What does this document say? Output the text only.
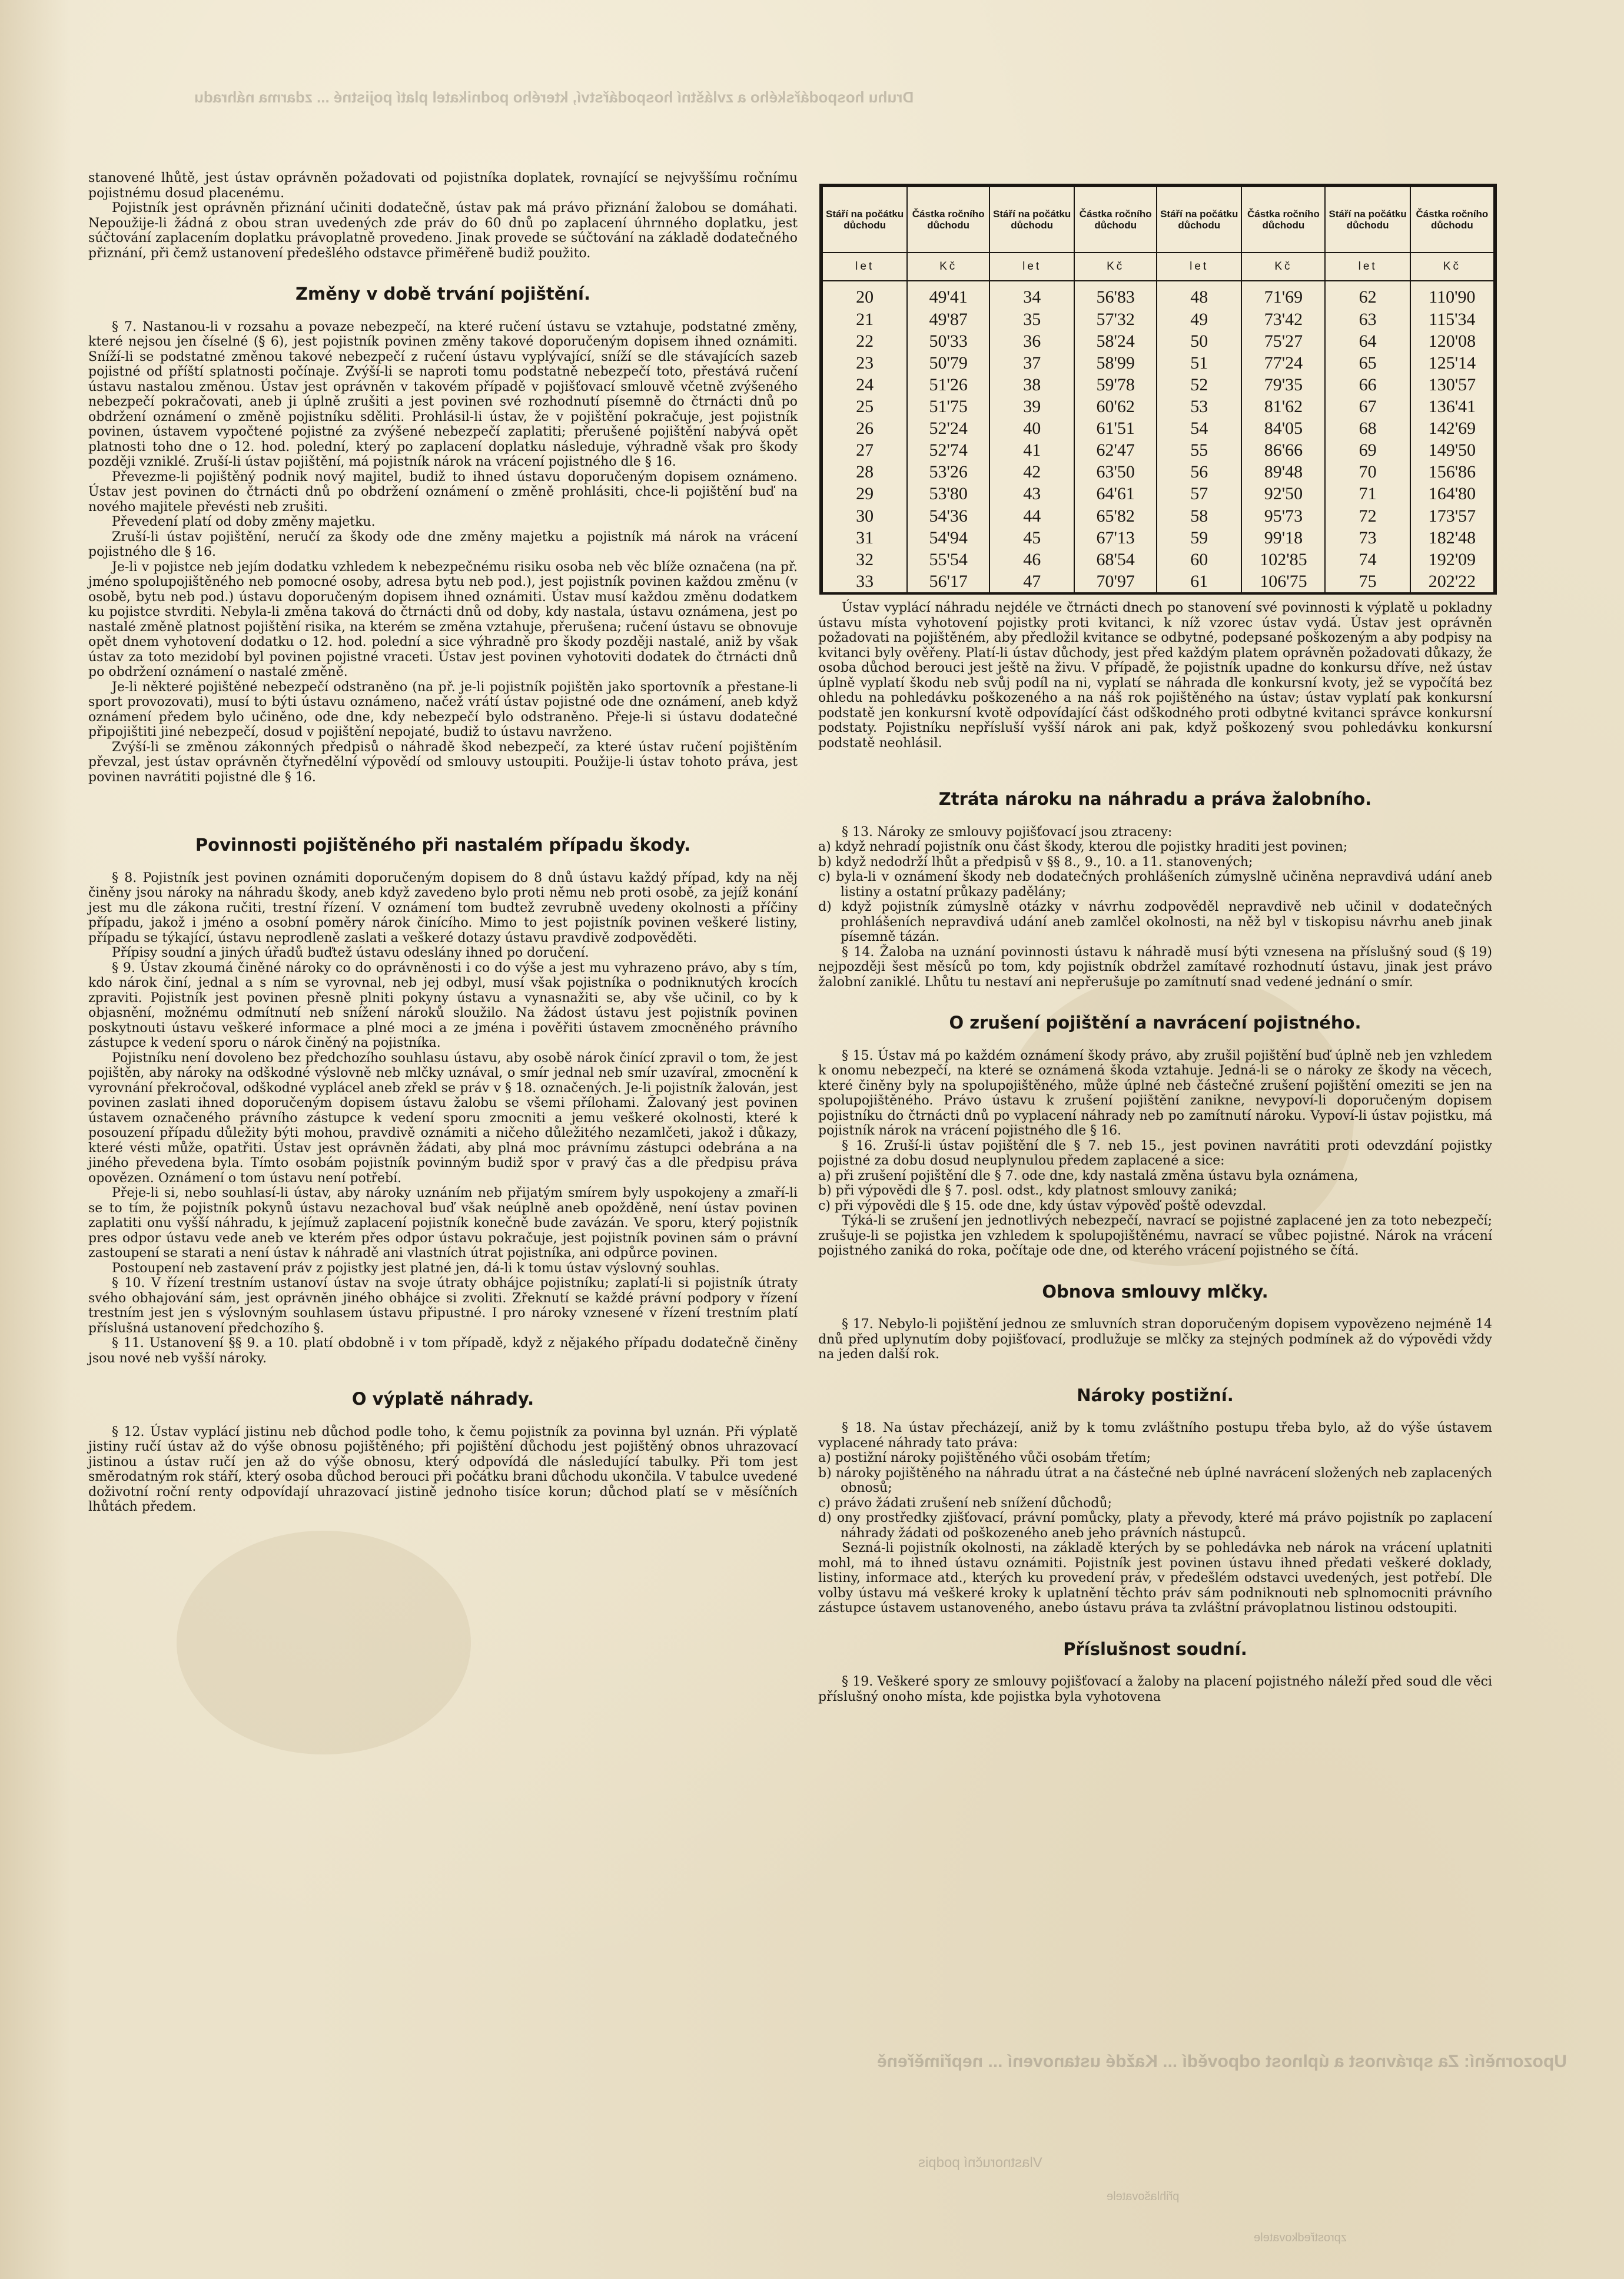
Druhu hospodářského a zvláštní hospodářství, kterého podnikatel platí pojistné ... zdarma náhradu
Upozornění: Za správnost a úplnost odpovědí ... Každé ustanovení ... nepřiměřeně
Vlastnoruční podpis
přihlašovatele
zprostředkovatele

stanovené lhůtě, jest ústav oprávněn požadovati od pojistníka doplatek, rovnající se nejvyššímu ročnímu pojistnému dosud placenému.

Pojistník jest oprávněn přiznání učiniti dodatečně, ústav pak má právo přiznání žalobou se domáhati. Nepoužije-li žádná z obou stran uvedených zde práv do 60 dnů po zaplacení úhrnného doplatku, jest súčtování zaplacením doplatku právoplatně provedeno. Jinak provede se súčtování na základě dodatečného přiznání, při čemž ustanovení předešlého odstavce přiměřeně budiž použito.

Změny v době trvání pojištění.

§ 7. Nastanou-li v rozsahu a povaze nebezpečí, na které ručení ústavu se vztahuje, podstatné změny, které nejsou jen číselné (§ 6), jest pojistník povinen změny takové doporučeným dopisem ihned oznámiti. Sníží-li se podstatné změnou takové nebezpečí z ručení ústavu vyplývající, sníží se dle stávajících sazeb pojistné od příští splatnosti počínaje. Zvýší-li se naproti tomu podstatně nebezpečí toto, přestává ručení ústavu nastalou změnou. Ústav jest oprávněn v takovém případě v pojišťovací smlouvě včetně zvýšeného nebezpečí pokračovati, aneb ji úplně zrušiti a jest povinen své rozhodnutí písemně do čtrnácti dnů po obdržení oznámení o změně pojistníku sděliti. Prohlásil-li ústav, že v pojištění pokračuje, jest pojistník povinen, ústavem vypočtené pojistné za zvýšené nebezpečí zaplatiti; přerušené pojištění nabývá opět platnosti toho dne o 12. hod. polední, který po zaplacení doplatku následuje, výhradně však pro škody později vzniklé. Zruší-li ústav pojištění, má pojistník nárok na vrácení pojistného dle § 16.

Převezme-li pojištěný podnik nový majitel, budiž to ihned ústavu doporučeným dopisem oznámeno. Ústav jest povinen do čtrnácti dnů po obdržení oznámení o změně prohlásiti, chce-li pojištění buď na nového majitele převésti neb zrušiti.

Převedení platí od doby změny majetku.

Zruší-li ústav pojištění, neručí za škody ode dne změny majetku a pojistník má nárok na vrácení pojistného dle § 16.

Je-li v pojistce neb jejím dodatku vzhledem k nebezpečnému risiku osoba neb věc blíže označena (na př. jméno spolupojištěného neb pomocné osoby, adresa bytu neb pod.), jest pojistník povinen každou změnu (v osobě, bytu neb pod.) ústavu doporučeným dopisem ihned oznámiti. Ústav musí každou změnu dodatkem ku pojistce stvrditi. Nebyla-li změna taková do čtrnácti dnů od doby, kdy nastala, ústavu oznámena, jest po nastalé změně platnost pojištění risika, na kterém se změna vztahuje, přerušena; ručení ústavu se obnovuje opět dnem vyhotovení dodatku o 12. hod. polední a sice výhradně pro škody později nastalé, aniž by však ústav za toto mezidobí byl povinen pojistné vraceti. Ústav jest povinen vyhotoviti dodatek do čtrnácti dnů po obdržení oznámení o nastalé změně.

Je-li některé pojištěné nebezpečí odstraněno (na př. je-li pojistník pojištěn jako sportovník a přestane-li sport provozovati), musí to býti ústavu oznámeno, načež vrátí ústav pojistné ode dne oznámení, aneb když oznámení předem bylo učiněno, ode dne, kdy nebezpečí bylo odstraněno. Přeje-li si ústavu dodatečné připojištiti jiné nebezpečí, dosud v pojištění nepojaté, budiž to ústavu navrženo.

Zvýší-li se změnou zákonných předpisů o náhradě škod nebezpečí, za které ústav ručení pojištěním převzal, jest ústav oprávněn čtyřnedělní výpovědí od smlouvy ustoupiti. Použije-li ústav tohoto práva, jest povinen navrátiti pojistné dle § 16.

Povinnosti pojištěného při nastalém případu škody.

§ 8. Pojistník jest povinen oznámiti doporučeným dopisem do 8 dnů ústavu každý případ, kdy na něj činěny jsou nároky na náhradu škody, aneb když zavedeno bylo proti němu neb proti osobě, za jejíž konání jest mu dle zákona ručiti, trestní řízení. V oznámení tom budtež zevrubně uvedeny okolnosti a příčiny případu, jakož i jméno a osobní poměry nárok činícího. Mimo to jest pojistník povinen veškeré listiny, případu se týkající, ústavu neprodleně zaslati a veškeré dotazy ústavu pravdivě zodpověděti.

Přípisy soudní a jiných úřadů buďtež ústavu odeslány ihned po doručení.

§ 9. Ústav zkoumá činěné nároky co do oprávněnosti i co do výše a jest mu vyhrazeno právo, aby s tím, kdo nárok činí, jednal a s ním se vyrovnal, neb jej odbyl, musí však pojistníka o podniknutých krocích zpraviti. Pojistník jest povinen přesně plniti pokyny ústavu a vynasnažiti se, aby vše učinil, co by k objasnění, možnému odmítnutí neb snížení nároků sloužilo. Na žádost ústavu jest pojistník povinen poskytnouti ústavu veškeré informace a plné moci a ze jména i pověřiti ústavem zmocněného právního zástupce k vedení sporu o nárok činěný na pojistníka.

Pojistníku není dovoleno bez předchozího souhlasu ústavu, aby osobě nárok činící zpravil o tom, že jest pojištěn, aby nároky na odškodné výslovně neb mlčky uznával, o smír jednal neb smír uzavíral, zmocnění k vyrovnání překročoval, odškodné vyplácel aneb zřekl se práv v § 18. označených. Je-li pojistník žalován, jest povinen zaslati ihned doporučeným dopisem ústavu žalobu se všemi přílohami. Žalovaný jest povinen ústavem označeného právního zástupce k vedení sporu zmocniti a jemu veškeré okolnosti, které k posouzení případu důležity býti mohou, pravdivě oznámiti a ničeho důležitého nezamlčeti, jakož i důkazy, které vésti může, opatřiti. Ústav jest oprávněn žádati, aby plná moc právnímu zástupci odebrána a na jiného převedena byla. Tímto osobám pojistník povinným budiž spor v pravý čas a dle předpisu práva opovězen. Oznámení o tom ústavu není potřebí.

Přeje-li si, nebo souhlasí-li ústav, aby nároky uznáním neb přijatým smírem byly uspokojeny a zmaří-li se to tím, že pojistník pokynů ústavu nezachoval buď však neúplně aneb opožděně, není ústav povinen zaplatiti onu vyšší náhradu, k jejímuž zaplacení pojistník konečně bude zavázán. Ve sporu, který pojistník pres odpor ústavu vede aneb ve kterém přes odpor ústavu pokračuje, jest pojistník povinen sám o právní zastoupení se starati a není ústav k náhradě ani vlastních útrat pojistníka, ani odpůrce povinen.

Postoupení neb zastavení práv z pojistky jest platné jen, dá-li k tomu ústav výslovný souhlas.

§ 10. V řízení trestním ustanoví ústav na svoje útraty obhájce pojistníku; zaplatí-li si pojistník útraty svého obhajování sám, jest oprávněn jiného obhájce si zvoliti. Zřeknutí se každé právní podpory v řízení trestním jest jen s výslovným souhlasem ústavu připustné. I pro nároky vznesené v řízení trestním platí příslušná ustanovení předchozího §.

§ 11. Ustanovení §§ 9. a 10. platí obdobně i v tom případě, když z nějakého případu dodatečně činěny jsou nové neb vyšší nároky.

O výplatě náhrady.

§ 12. Ústav vyplácí jistinu neb důchod podle toho, k čemu pojistník za povinna byl uznán. Při výplatě jistiny ručí ústav až do výše obnosu pojištěného; při pojištění důchodu jest pojištěný obnos uhrazovací jistinou a ústav ručí jen až do výše obnosu, který odpovídá dle následující tabulky. Při tom jest směrodatným rok stáří, který osoba důchod berouci při počátku brani důchodu ukončila. V tabulce uvedené doživotní roční renty odpovídají uhrazovací jistině jednoho tisíce korun; důchod platí se v měsíčních lhůtách předem.

Stáří na počátku důchodu	Částka ročního důchodu	Stáří na počátku důchodu	Částka ročního důchodu	Stáří na počátku důchodu	Částka ročního důchodu	Stáří na počátku důchodu	Částka ročního důchodu
let	Kč	let	Kč	let	Kč	let	Kč
20	49'41	34	56'83	48	71'69	62	110'90
21	49'87	35	57'32	49	73'42	63	115'34
22	50'33	36	58'24	50	75'27	64	120'08
23	50'79	37	58'99	51	77'24	65	125'14
24	51'26	38	59'78	52	79'35	66	130'57
25	51'75	39	60'62	53	81'62	67	136'41
26	52'24	40	61'51	54	84'05	68	142'69
27	52'74	41	62'47	55	86'66	69	149'50
28	53'26	42	63'50	56	89'48	70	156'86
29	53'80	43	64'61	57	92'50	71	164'80
30	54'36	44	65'82	58	95'73	72	173'57
31	54'94	45	67'13	59	99'18	73	182'48
32	55'54	46	68'54	60	102'85	74	192'09
33	56'17	47	70'97	61	106'75	75	202'22

Ústav vyplácí náhradu nejdéle ve čtrnácti dnech po stanovení své povinnosti k výplatě u pokladny ústavu místa vyhotovení pojistky proti kvitanci, k níž vzorec ústav vydá. Ústav jest oprávněn požadovati na pojištěném, aby předložil kvitance se odbytné, podepsané poškozeným a aby podpisy na kvitanci byly ověřeny. Platí-li ústav důchody, jest před každým platem oprávněn požadovati důkazy, že osoba důchod berouci jest ještě na živu. V případě, že pojistník upadne do konkursu dříve, než ústav úplně vyplatí škodu neb svůj podíl na ni, vyplatí se náhrada dle konkursní kvoty, jež se vypočítá bez ohledu na pohledávku poškozeného a na náš rok pojištěného na ústav; ústav vyplatí pak konkursní podstatě jen konkursní kvotě odpovídající část odškodného proti odbytné kvitanci správce konkursní podstaty. Pojistníku nepřísluší vyšší nárok ani pak, když poškozený svou pohledávku konkursní podstatě neohlásil.

Ztráta nároku na náhradu a práva žalobního.

§ 13. Nároky ze smlouvy pojišťovací jsou ztraceny:

a) když nehradí pojistník onu část škody, kterou dle pojistky hraditi jest povinen;

b) když nedodrží lhůt a předpisů v §§ 8., 9., 10. a 11. stanovených;

c) byla-li v oznámení škody neb dodatečných prohlášeních zúmyslně učiněna nepravdivá udání aneb listiny a ostatní průkazy padělány;

d) když pojistník zúmyslně otázky v návrhu zodpověděl nepravdivě neb učinil v dodatečných prohlášeních nepravdivá udání aneb zamlčel okolnosti, na něž byl v tiskopisu návrhu aneb jinak písemně tázán.

§ 14. Žaloba na uznání povinnosti ústavu k náhradě musí býti vznesena na příslušný soud (§ 19) nejpozději šest měsíců po tom, kdy pojistník obdržel zamítavé rozhodnutí ústavu, jinak jest právo žalobní zaniklé. Lhůtu tu nestaví ani nepřerušuje po zamítnutí snad vedené jednání o smír.

O zrušení pojištění a navrácení pojistného.

§ 15. Ústav má po každém oznámení škody právo, aby zrušil pojištění buď úplně neb jen vzhledem k onomu nebezpečí, na které se oznámená škoda vztahuje. Jedná-li se o nároky ze škody na věcech, které činěny byly na spolupojištěného, může úplné neb částečné zrušení pojištění omeziti se jen na spolupojištěného. Právo ústavu k zrušení pojištění zanikne, nevypoví-li doporučeným dopisem pojistníku do čtrnácti dnů po vyplacení náhrady neb po zamítnutí nároku. Vypoví-li ústav pojistku, má pojistník nárok na vrácení pojistného dle § 16.

§ 16. Zruší-li ústav pojištění dle § 7. neb 15., jest povinen navrátiti proti odevzdání pojistky pojistné za dobu dosud neuplynulou předem zaplacené a sice:

a) při zrušení pojištění dle § 7. ode dne, kdy nastalá změna ústavu byla oznámena,

b) při výpovědi dle § 7. posl. odst., kdy platnost smlouvy zaniká;

c) při výpovědi dle § 15. ode dne, kdy ústav výpověď poště odevzdal.

Týká-li se zrušení jen jednotlivých nebezpečí, navrací se pojistné zaplacené jen za toto nebezpečí; zrušuje-li se pojistka jen vzhledem k spolupojištěnému, navrací se vůbec pojistné. Nárok na vrácení pojistného zaniká do roka, počítaje ode dne, od kterého vrácení pojistného se čítá.

Obnova smlouvy mlčky.

§ 17. Nebylo-li pojištění jednou ze smluvních stran doporučeným dopisem vypovězeno nejméně 14 dnů před uplynutím doby pojišťovací, prodlužuje se mlčky za stejných podmínek až do výpovědi vždy na jeden další rok.

Nároky postižní.

§ 18. Na ústav přecházejí, aniž by k tomu zvláštního postupu třeba bylo, až do výše ústavem vyplacené náhrady tato práva:

a) postižní nároky pojištěného vůči osobám třetím;

b) nároky pojištěného na náhradu útrat a na částečné neb úplné navrácení složených neb zaplacených obnosů;

c) právo žádati zrušení neb snížení důchodů;

d) ony prostředky zjišťovací, právní pomůcky, platy a převody, které má právo pojistník po zaplacení náhrady žádati od poškozeného aneb jeho právních nástupců.

Sezná-li pojistník okolnosti, na základě kterých by se pohledávka neb nárok na vrácení uplatniti mohl, má to ihned ústavu oznámiti. Pojistník jest povinen ústavu ihned předati veškeré doklady, listiny, informace atd., kterých ku provedení práv, v předešlém odstavci uvedených, jest potřebí. Dle volby ústavu má veškeré kroky k uplatnění těchto práv sám podniknouti neb splnomocniti právního zástupce ústavem ustanoveného, anebo ústavu práva ta zvláštní právoplatnou listinou odstoupiti.

Příslušnost soudní.

§ 19. Veškeré spory ze smlouvy pojišťovací a žaloby na placení pojistného náleží před soud dle věci příslušný onoho místa, kde pojistka byla vyhotovena
